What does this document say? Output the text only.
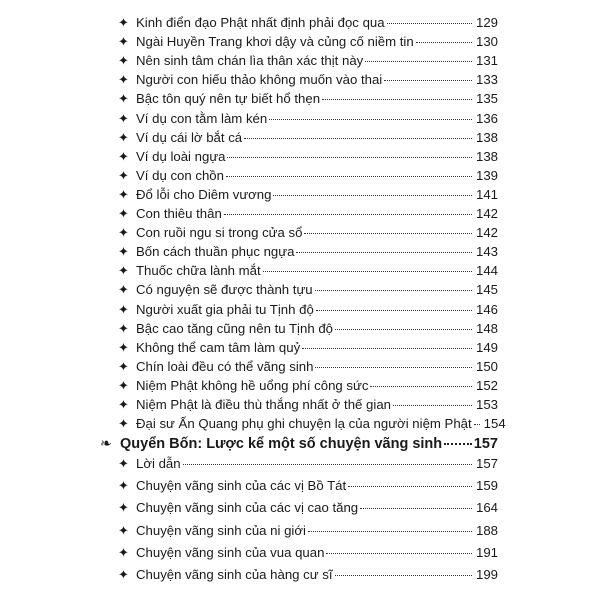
✦ Kinh điển đạo Phật nhất định phải đọc qua	129
✦ Ngài Huyền Trang khơi dậy và củng cố niềm tin	130
✦ Nên sinh tâm chán lìa thân xác thịt này	131
✦ Người con hiếu thảo không muốn vào thai	133
✦ Bậc tôn quý nên tự biết hổ thẹn	135
✦ Ví dụ con tằm làm kén	136
✦ Ví dụ cái lờ bắt cá	138
✦ Ví dụ loài ngựa	138
✦ Ví dụ con chồn	139
✦ Đổ lỗi cho Diêm vương	141
✦ Con thiêu thân	142
✦ Con ruồi ngu si trong cửa sổ	142
✦ Bốn cách thuần phục ngựa	143
✦ Thuốc chữa lành mắt	144
✦ Có nguyện sẽ được thành tựu	145
✦ Người xuất gia phải tu Tịnh độ	146
✦ Bậc cao tăng cũng nên tu Tịnh độ	148
✦ Không thể cam tâm làm quỷ	149
✦ Chín loài đều có thể vãng sinh	150
✦ Niệm Phật không hề uổng phí công sức	152
✦ Niệm Phật là điều thù thắng nhất ở thế gian	153
✦ Đại sư Ấn Quang phụ ghi chuyện lạ của người niệm Phật 154
❧ Quyển Bốn: Lược kể một số chuyện vãng sinh 157
✦ Lời dẫn	157
✦ Chuyện vãng sinh của các vị Bồ Tát	159
✦ Chuyện vãng sinh của các vị cao tăng	164
✦ Chuyện vãng sinh của ni giới	188
✦ Chuyện vãng sinh của vua quan	191
✦ Chuyện vãng sinh của hàng cư sĩ	199
